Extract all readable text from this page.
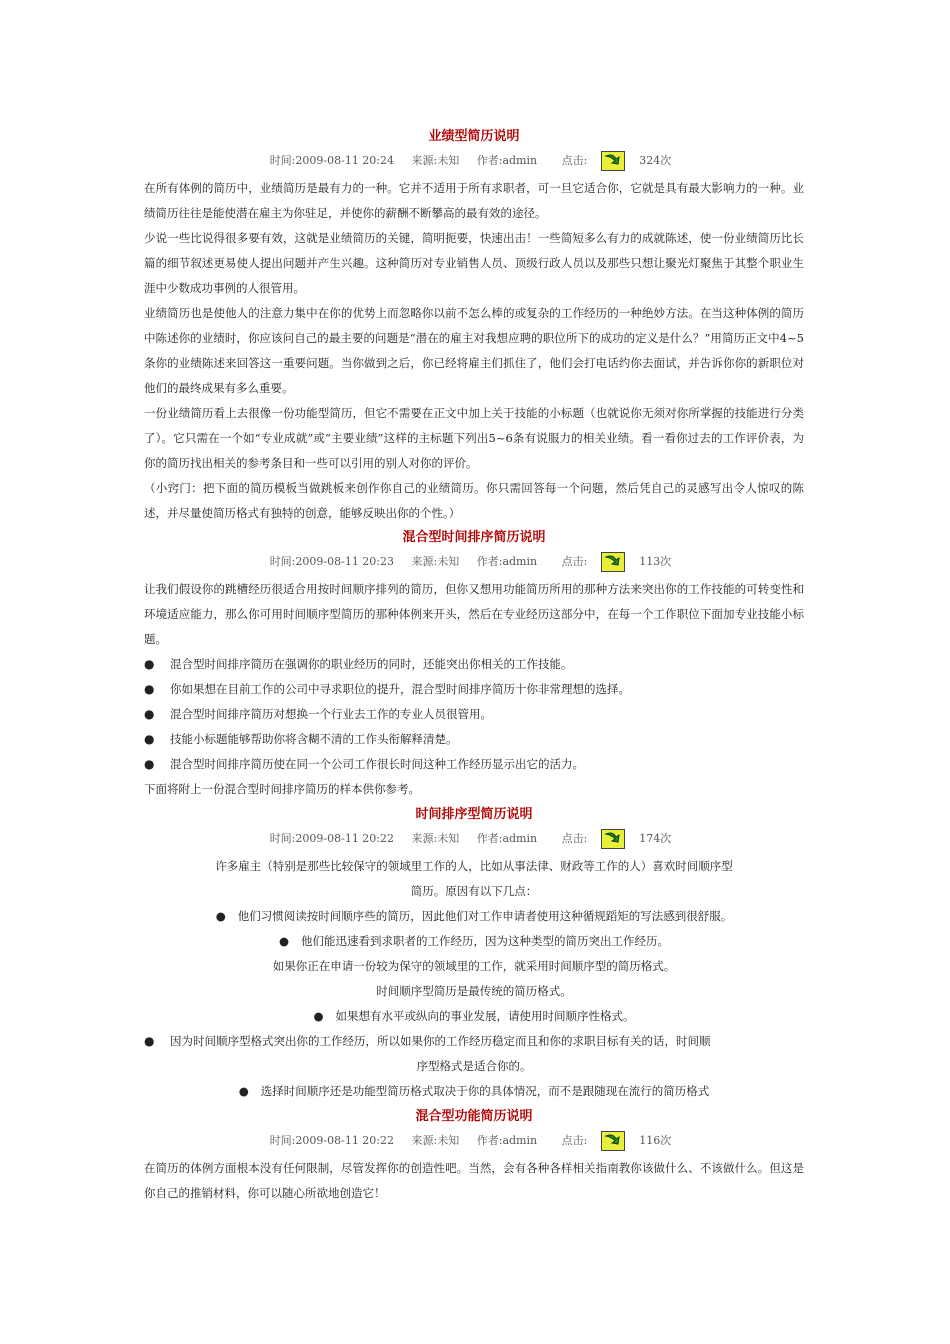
业绩型简历说明
时间:2009-08-11 20:24 来源:未知 作者:admin 点击:	324次

在所有体例的简历中，业绩简历是最有力的一种。它并不适用于所有求职者，可一旦它适合你，它就是具有最大影响力的一种。业绩简历往往是能使潜在雇主为你驻足，并使你的薪酬不断攀高的最有效的途径。

少说一些比说得很多要有效，这就是业绩简历的关键，简明扼要，快速出击！一些简短多么有力的成就陈述，使一份业绩简历比长篇的细节叙述更易使人提出问题并产生兴趣。这种简历对专业销售人员、顶级行政人员以及那些只想让聚光灯聚焦于其整个职业生涯中少数成功事例的人很管用。

业绩简历也是使他人的注意力集中在你的优势上而忽略你以前不怎么棒的或复杂的工作经历的一种绝妙方法。在当这种体例的简历中陈述你的业绩时，你应该问自己的最主要的问题是“潜在的雇主对我想应聘的职位所下的成功的定义是什么？”用简历正文中4~5条你的业绩陈述来回答这一重要问题。当你做到之后，你已经将雇主们抓住了，他们会打电话约你去面试，并告诉你你的新职位对他们的最终成果有多么重要。

一份业绩简历看上去很像一份功能型简历，但它不需要在正文中加上关于技能的小标题（也就说你无须对你所掌握的技能进行分类了）。它只需在一个如“专业成就”或“主要业绩”这样的主标题下列出5~6条有说服力的相关业绩。看一看你过去的工作评价表，为你的简历找出相关的参考条目和一些可以引用的别人对你的评价。

（小窍门：把下面的简历模板当做跳板来创作你自己的业绩简历。你只需回答每一个问题，然后凭自己的灵感写出令人惊叹的陈述，并尽量使简历格式有独特的创意，能够反映出你的个性。）

混合型时间排序简历说明
时间:2009-08-11 20:23 来源:未知 作者:admin 点击:	113次

让我们假设你的跳槽经历很适合用按时间顺序排列的简历，但你又想用功能简历所用的那种方法来突出你的工作技能的可转变性和环境适应能力，那么你可用时间顺序型简历的那种体例来开头，然后在专业经历这部分中，在每一个工作职位下面加专业技能小标题。

●	混合型时间排序简历在强调你的职业经历的同时，还能突出你相关的工作技能。
●	你如果想在目前工作的公司中寻求职位的提升，混合型时间排序简历十你非常理想的选择。
●	混合型时间排序简历对想换一个行业去工作的专业人员很管用。
●	技能小标题能够帮助你将含糊不清的工作头衔解释清楚。
●	混合型时间排序简历使在同一个公司工作很长时间这种工作经历显示出它的活力。

下面将附上一份混合型时间排序简历的样本供你参考。

时间排序型简历说明
时间:2009-08-11 20:22 来源:未知 作者:admin 点击:	174次

许多雇主（特别是那些比较保守的领域里工作的人，比如从事法律、财政等工作的人）喜欢时间顺序型

简历。原因有以下几点：

● 他们习惯阅读按时间顺序些的简历，因此他们对工作申请者使用这种循规蹈矩的写法感到很舒服。
● 他们能迅速看到求职者的工作经历，因为这种类型的简历突出工作经历。

如果你正在申请一份较为保守的领域里的工作，就采用时间顺序型的简历格式。

时间顺序型简历是最传统的简历格式。

● 如果想有水平或纵向的事业发展，请使用时间顺序性格式。
●	因为时间顺序型格式突出你的工作经历，所以如果你的工作经历稳定而且和你的求职目标有关的话，时间顺

序型格式是适合你的。

● 选择时间顺序还是功能型简历格式取决于你的具体情况，而不是跟随现在流行的简历格式
混合型功能简历说明
时间:2009-08-11 20:22 来源:未知 作者:admin 点击:	116次

在简历的体例方面根本没有任何限制，尽管发挥你的创造性吧。当然，会有各种各样相关指南教你该做什么、不该做什么。但这是你自己的推销材料，你可以随心所欲地创造它！
